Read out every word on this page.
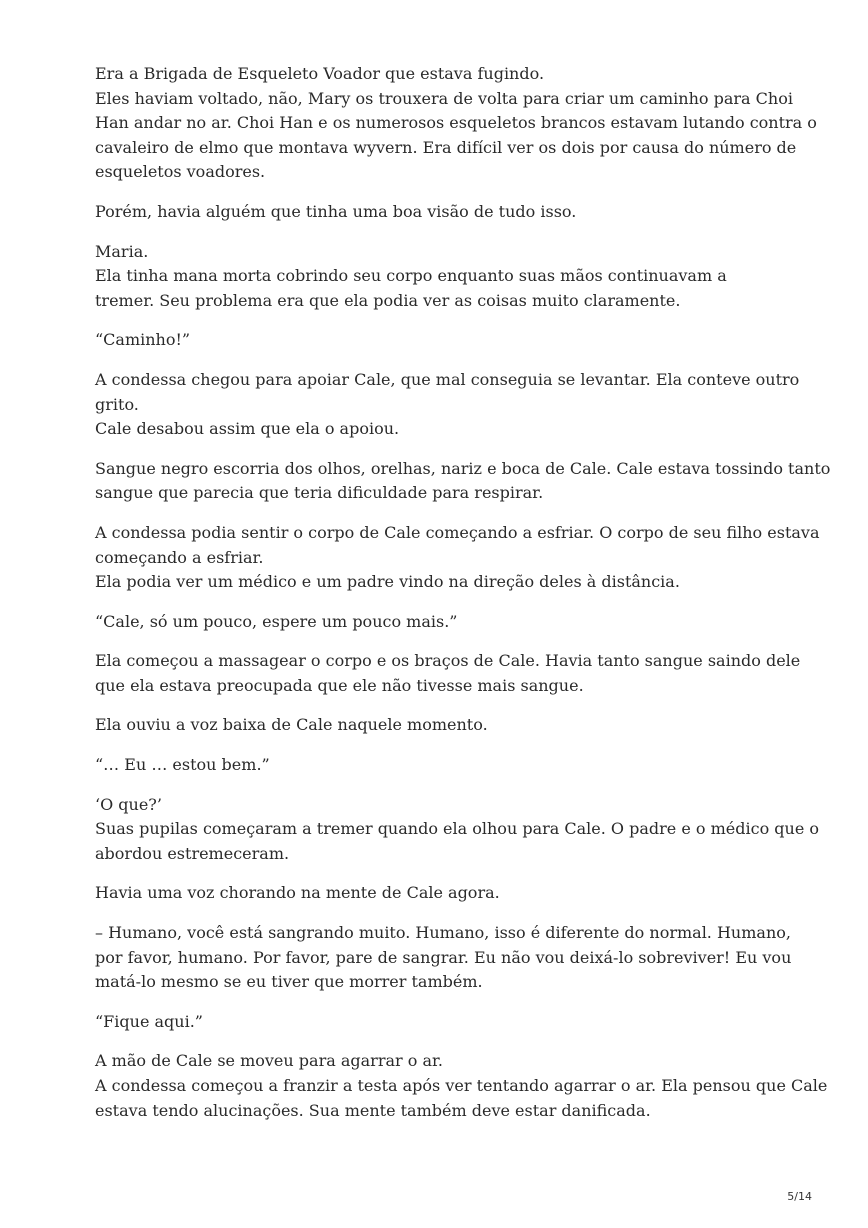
Era a Brigada de Esqueleto Voador que estava fugindo.
Eles haviam voltado, não, Mary os trouxera de volta para criar um caminho para Choi
Han andar no ar. Choi Han e os numerosos esqueletos brancos estavam lutando contra o
cavaleiro de elmo que montava wyvern. Era difícil ver os dois por causa do número de
esqueletos voadores.

Porém, havia alguém que tinha uma boa visão de tudo isso.

Maria.
Ela tinha mana morta cobrindo seu corpo enquanto suas mãos continuavam a
tremer. Seu problema era que ela podia ver as coisas muito claramente.

“Caminho!”

A condessa chegou para apoiar Cale, que mal conseguia se levantar. Ela conteve outro
grito.
Cale desabou assim que ela o apoiou.

Sangue negro escorria dos olhos, orelhas, nariz e boca de Cale. Cale estava tossindo tanto
sangue que parecia que teria dificuldade para respirar.

A condessa podia sentir o corpo de Cale começando a esfriar. O corpo de seu filho estava
começando a esfriar.
Ela podia ver um médico e um padre vindo na direção deles à distância.

“Cale, só um pouco, espere um pouco mais.”

Ela começou a massagear o corpo e os braços de Cale. Havia tanto sangue saindo dele
que ela estava preocupada que ele não tivesse mais sangue.

Ela ouviu a voz baixa de Cale naquele momento.

“… Eu … estou bem.”

‘O que?’
Suas pupilas começaram a tremer quando ela olhou para Cale. O padre e o médico que o
abordou estremeceram.

Havia uma voz chorando na mente de Cale agora.

– Humano, você está sangrando muito. Humano, isso é diferente do normal. Humano,
por favor, humano. Por favor, pare de sangrar. Eu não vou deixá-lo sobreviver! Eu vou
matá-lo mesmo se eu tiver que morrer também.

“Fique aqui.”

A mão de Cale se moveu para agarrar o ar.
A condessa começou a franzir a testa após ver tentando agarrar o ar. Ela pensou que Cale
estava tendo alucinações. Sua mente também deve estar danificada.

5/14
